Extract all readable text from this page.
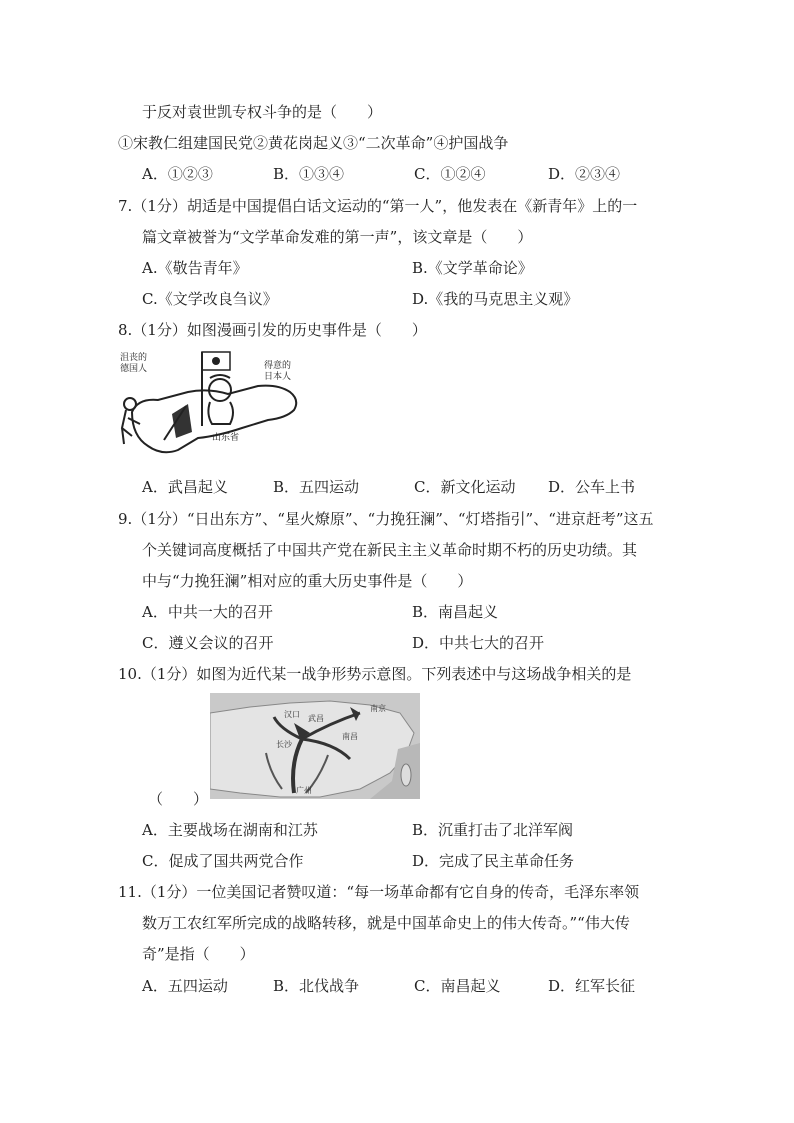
于反对袁世凯专权斗争的是（　　）
①宋教仁组建国民党②黄花岗起义③“二次革命”④护国战争
A．①②③	B．①③④	C．①②④	D．②③④
7.（1分）胡适是中国提倡白话文运动的“第一人”，他发表在《新青年》上的一
篇文章被誉为“文学革命发难的第一声”，该文章是（　　）
A.《敬告青年》	B.《文学革命论》
C.《文学改良刍议》	D.《我的马克思主义观》
8.（1分）如图漫画引发的历史事件是（　　）
沮丧的
德国人	得意的
日本人
山东省
A．武昌起义	B．五四运动	C．新文化运动 D．公车上书
9.（1分）“日出东方”、“星火燎原”、“力挽狂澜”、“灯塔指引”、“进京赶考”这五
个关键词高度概括了中国共产党在新民主主义革命时期不朽的历史功绩。其
中与“力挽狂澜”相对应的重大历史事件是（　　）
A．中共一大的召开	B．南昌起义
C．遵义会议的召开	D．中共七大的召开
10.（1分）如图为近代某一战争形势示意图。下列表述中与这场战争相关的是
南京
武昌
汉口
南昌
长沙
广州
（　　）
A．主要战场在湖南和江苏	B．沉重打击了北洋军阀
C．促成了国共两党合作	D．完成了民主革命任务
11.（1分）一位美国记者赞叹道：“每一场革命都有它自身的传奇，毛泽东率领
数万工农红军所完成的战略转移，就是中国革命史上的伟大传奇。”“伟大传
奇”是指（　　）
A．五四运动	B．北伐战争	C．南昌起义	D．红军长征
